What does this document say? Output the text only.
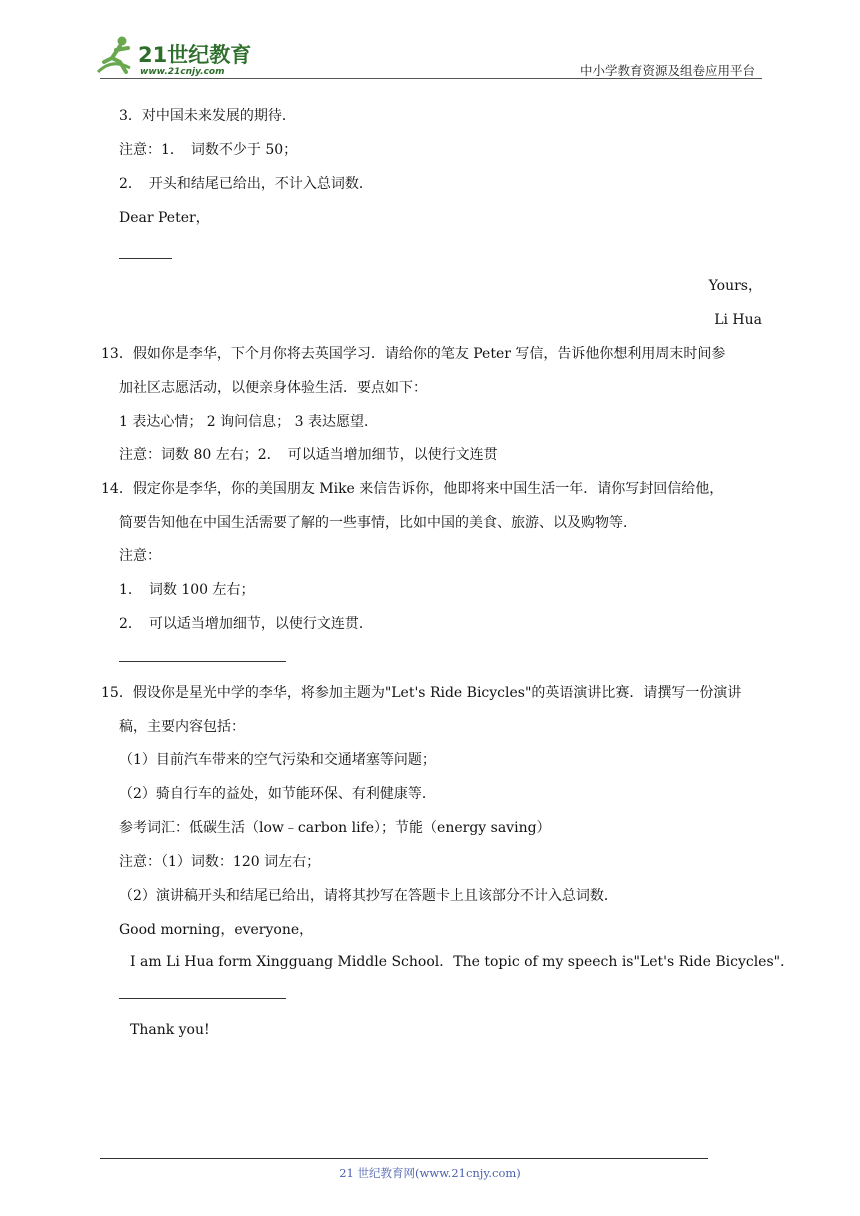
21世纪教育
www.21cnjy.com	中小学教育资源及组卷应用平台
3．对中国未来发展的期待．
注意：1．　词数不少于 50；
2．　开头和结尾已给出，不计入总词数．
Dear Peter，
Yours，
Li Hua
13．假如你是李华，下个月你将去英国学习．请给你的笔友 Peter 写信，告诉他你想利用周末时间参
加社区志愿活动，以便亲身体验生活．要点如下：
1 表达心情； 2 询问信息； 3 表达愿望．
注意：词数 80 左右；2．　可以适当增加细节，以使行文连贯
14．假定你是李华，你的美国朋友 Mike 来信告诉你，他即将来中国生活一年．请你写封回信给他，
简要告知他在中国生活需要了解的一些事情，比如中国的美食、旅游、以及购物等．
注意：
1．　词数 100 左右；
2．　可以适当增加细节，以使行文连贯．
15．假设你是星光中学的李华，将参加主题为"Let's Ride Bicycles"的英语演讲比赛．请撰写一份演讲
稿，主要内容包括：
（1）目前汽车带来的空气污染和交通堵塞等问题；
（2）骑自行车的益处，如节能环保、有利健康等．
参考词汇：低碳生活（low﹣carbon life）；节能（energy saving）
注意：（1）词数：120 词左右；
（2）演讲稿开头和结尾已给出，请将其抄写在答题卡上且该部分不计入总词数．
Good morning，everyone，
I am Li Hua form Xingguang Middle School．The topic of my speech is"Let's Ride Bicycles"．
Thank you!
21 世纪教育网(www.21cnjy.com)
